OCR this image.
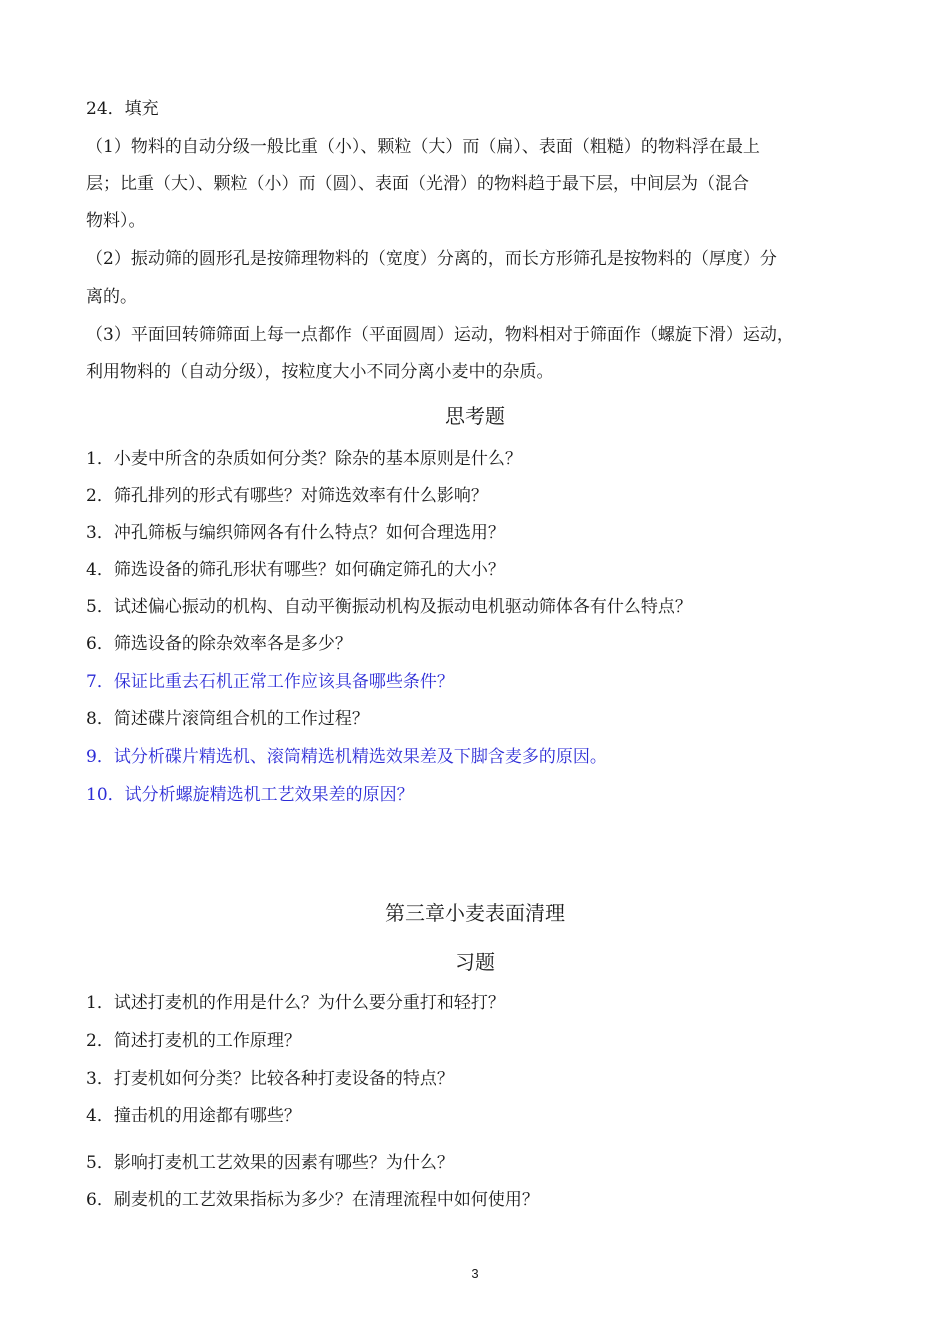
24．填充
（1）物料的自动分级一般比重（小）、颗粒（大）而（扁）、表面（粗糙）的物料浮在最上
层；比重（大）、颗粒（小）而（圆）、表面（光滑）的物料趋于最下层，中间层为（混合
物料）。
（2）振动筛的圆形孔是按筛理物料的（宽度）分离的，而长方形筛孔是按物料的（厚度）分
离的。
（3）平面回转筛筛面上每一点都作（平面圆周）运动，物料相对于筛面作（螺旋下滑）运动，
利用物料的（自动分级），按粒度大小不同分离小麦中的杂质。
思考题
1．小麦中所含的杂质如何分类？除杂的基本原则是什么？
2．筛孔排列的形式有哪些？对筛选效率有什么影响？
3．冲孔筛板与编织筛网各有什么特点？如何合理选用？
4．筛选设备的筛孔形状有哪些？如何确定筛孔的大小？
5．试述偏心振动的机构、自动平衡振动机构及振动电机驱动筛体各有什么特点？
6．筛选设备的除杂效率各是多少？
7．保证比重去石机正常工作应该具备哪些条件？
8．简述碟片滚筒组合机的工作过程？
9．试分析碟片精选机、滚筒精选机精选效果差及下脚含麦多的原因。
10．试分析螺旋精选机工艺效果差的原因？
第三章小麦表面清理
习题
1．试述打麦机的作用是什么？为什么要分重打和轻打？
2．简述打麦机的工作原理？
3．打麦机如何分类？比较各种打麦设备的特点？
4．撞击机的用途都有哪些？
5．影响打麦机工艺效果的因素有哪些？为什么？
6．刷麦机的工艺效果指标为多少？在清理流程中如何使用？
3
